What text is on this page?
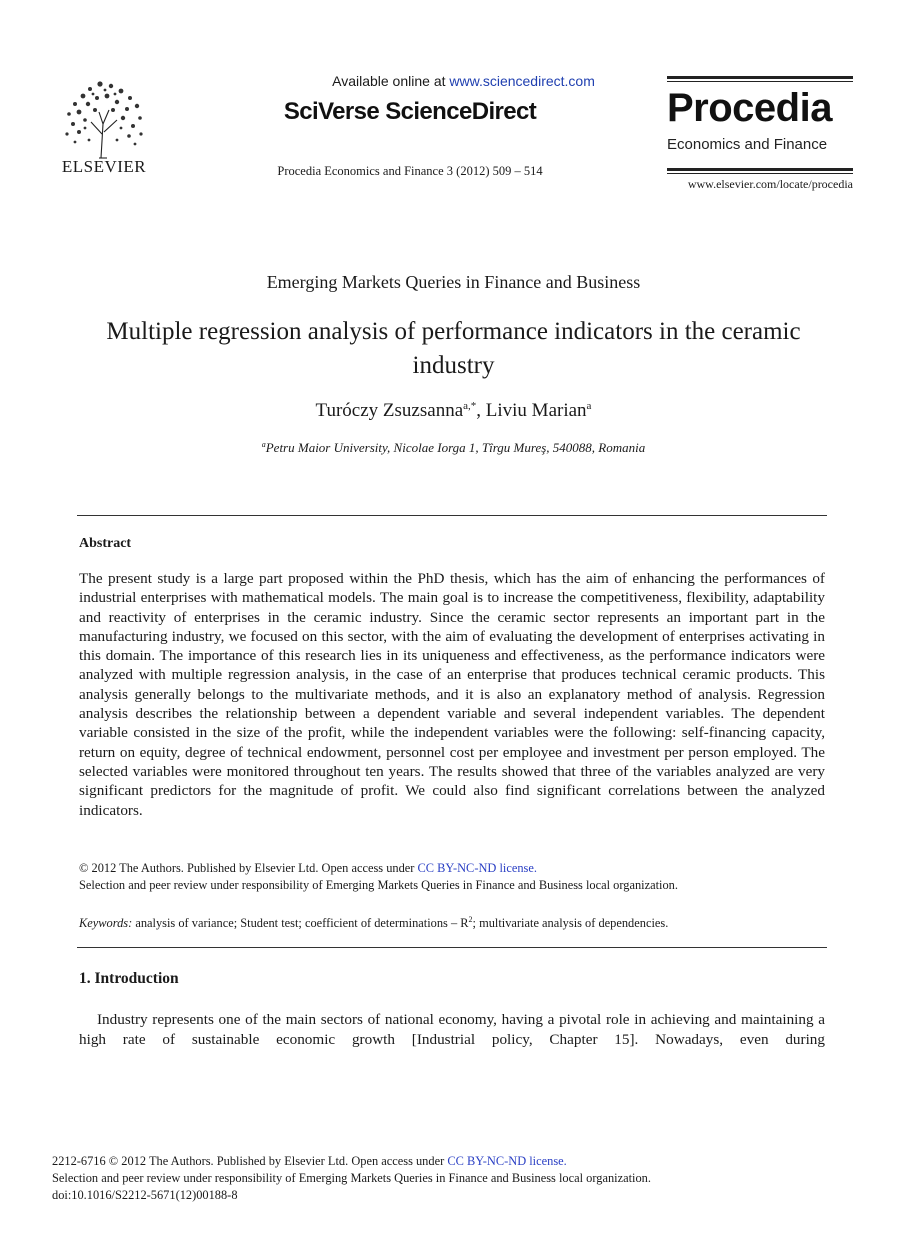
ELSEVIER
Available online at www.sciencedirect.com
SciVerse ScienceDirect
Procedia Economics and Finance 3 (2012) 509 – 514
Procedia
Economics and Finance
www.elsevier.com/locate/procedia
Emerging Markets Queries in Finance and Business
Multiple regression analysis of performance indicators in the ceramic industry
Turóczy Zsuzsanna$^{a,*}$, Liviu Marian$^a$
$^a$Petru Maior University, Nicolae Iorga 1, Tîrgu Mureş, 540088, Romania
Abstract
The present study is a large part proposed within the PhD thesis, which has the aim of enhancing the performances of industrial enterprises with mathematical models. The main goal is to increase the competitiveness, flexibility, adaptability and reactivity of enterprises in the ceramic industry. Since the ceramic sector represents an important part in the manufacturing industry, we focused on this sector, with the aim of evaluating the development of enterprises activating in this domain. The importance of this research lies in its uniqueness and effectiveness, as the performance indicators were analyzed with multiple regression analysis, in the case of an enterprise that produces technical ceramic products. This analysis generally belongs to the multivariate methods, and it is also an explanatory method of analysis. Regression analysis describes the relationship between a dependent variable and several independent variables. The dependent variable consisted in the size of the profit, while the independent variables were the following: self-financing capacity, return on equity, degree of technical endowment, personnel cost per employee and investment per person employed. The selected variables were monitored throughout ten years. The results showed that three of the variables analyzed are very significant predictors for the magnitude of profit. We could also find significant correlations between the analyzed indicators.
© 2012 The Authors. Published by Elsevier Ltd. Open access under CC BY-NC-ND license.
Selection and peer review under responsibility of Emerging Markets Queries in Finance and Business local organization.
Keywords: analysis of variance; Student test; coefficient of determinations – $R^2$; multivariate analysis of dependencies.
1. Introduction
Industry represents one of the main sectors of national economy, having a pivotal role in achieving and maintaining a high rate of sustainable economic growth [Industrial policy, Chapter 15]. Nowadays, even during
2212-6716 © 2012 The Authors. Published by Elsevier Ltd. Open access under CC BY-NC-ND license.
Selection and peer review under responsibility of Emerging Markets Queries in Finance and Business local organization.
doi:10.1016/S2212-5671(12)00188-8
